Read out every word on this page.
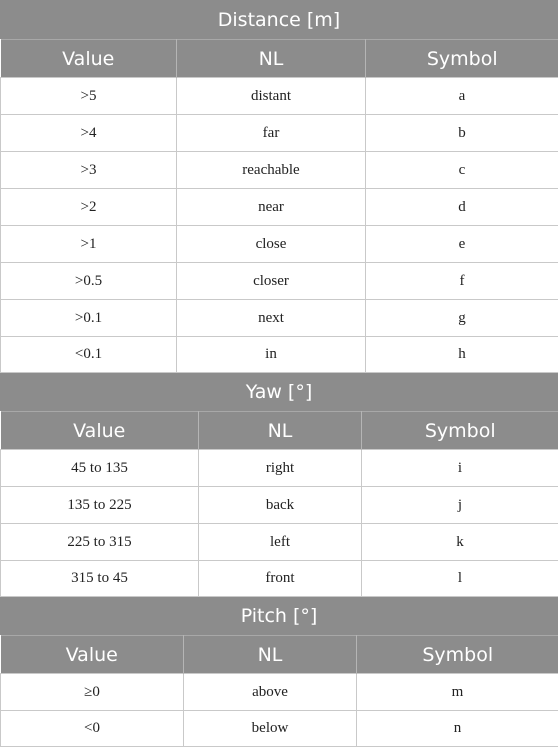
Distance [m]
Value	NL	Symbol
>5	distant	a
>4	far	b
>3	reachable	c
>2	near	d
>1	close	e
>0.5	closer	f
>0.1	next	g
<0.1	in	h
Yaw [°]
Value	NL	Symbol
45 to 135	right	i
135 to 225	back	j
225 to 315	left	k
315 to 45	front	l
Pitch [°]
Value	NL	Symbol
≥0	above	m
<0	below	n
